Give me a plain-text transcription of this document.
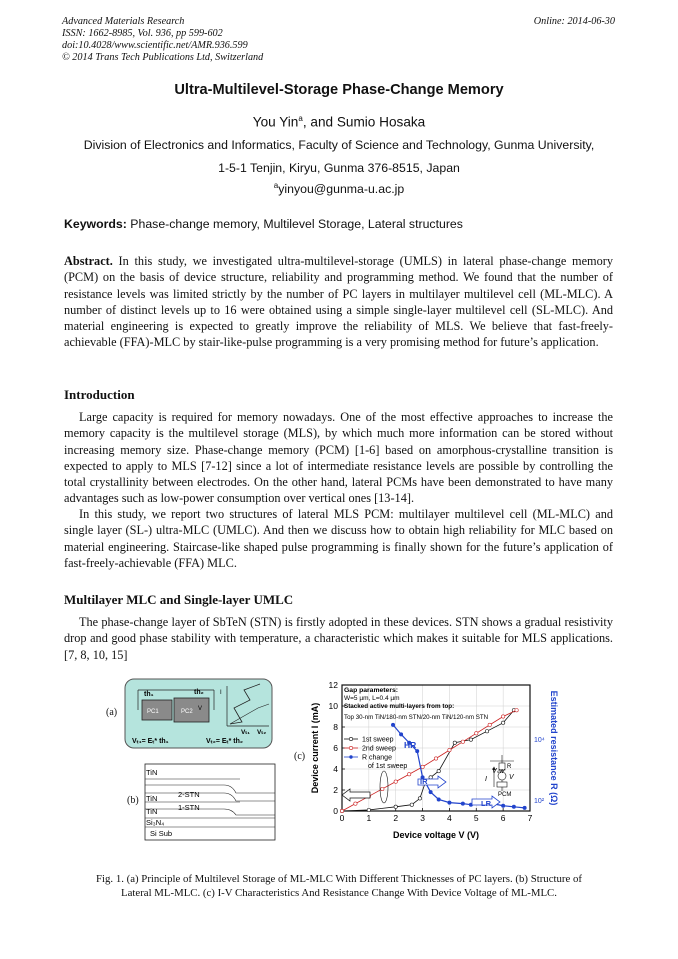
Advanced Materials Research
ISSN: 1662-8985, Vol. 936, pp 599-602
doi:10.4028/www.scientific.net/AMR.936.599
© 2014 Trans Tech Publications Ltd, Switzerland
Online: 2014-06-30
Ultra-Multilevel-Storage Phase-Change Memory
You Yin$^a$, and Sumio Hosaka
Division of Electronics and Informatics, Faculty of Science and Technology, Gunma University,
1-5-1 Tenjin, Kiryu, Gunma 376-8515, Japan
$^a$yinyou@gunma-u.ac.jp
Keywords: Phase-change memory, Multilevel Storage, Lateral structures
Abstract. In this study, we investigated ultra-multilevel-storage (UMLS) in lateral phase-change memory (PCM) on the basis of device structure, reliability and programming method. We found that the number of resistance levels was limited strictly by the number of PC layers in multilayer multilevel cell (ML-MLC). A number of distinct levels up to 16 were obtained using a simple single-layer multilevel cell (SL-MLC). And material engineering is expected to greatly improve the reliability of MLS. We believe that fast-freely-achievable (FFA)-MLC by stair-like-pulse programming is a very promising method for future’s application.
Introduction
Large capacity is required for memory nowadays. One of the most effective approaches to increase the memory capacity is the multilevel storage (MLS), by which much more information can be stored without increasing memory size. Phase-change memory (PCM) [1-6] based on amorphous-crystalline transition is expected to apply to MLS [7-12] since a lot of intermediate resistance levels are possible by controlling the total crystallinity between electrodes. On the other hand, lateral PCMs have been demonstrated to have many advantages such as low-power consumption over vertical ones [13-14].
In this study, we report two structures of lateral MLS PCM: multilayer multilevel cell (ML-MLC) and single layer (SL-) ultra-MLC (UMLC). And then we discuss how to obtain high reliability for MLC based on material engineering. Staircase-like shaped pulse programming is finally shown for the future’s application of fast-freely-achievable (FFA) MLC.
Multilayer MLC and Single-layer UMLC
The phase-change layer of SbTeN (STN) is firstly adopted in these devices. STN shows a gradual resistivity drop and good phase stability with temperature, a characteristic which makes it suitable for MLS applications. [7, 8, 10, 15]
(a)	PC1	PC2
th₁	th₂
V
I
Vₜ₁ Vₜ₂
Vₜ₁= Eₜ* th₁	Vₜ₂= Eₜ* th₂
(b)
TiN
TiN	2-STN
TiN	1-STN
Si₃N₄
Si Sub
(c)
0	1	2	3	4	5	6	7
0
2
4
6
8
10
12
Gap parameters:
W=5 µm, L=0.4 µm
Stacked active multi-layers from top:
Top 30-nm TiN/180-nm STN/20-nm TiN/120-nm STN
1st sweep
2nd sweep
R change
of 1st sweep
HR
IR
LR
Vₛᴡ
R
V
I
PCM
Device voltage V (V)
Device current I (mA)	Estimated resistance R (Ω)
10⁴
10²
Fig. 1. (a) Principle of Multilevel Storage of ML-MLC With Different Thicknesses of PC layers. (b) Structure of
Lateral ML-MLC. (c) I-V Characteristics And Resistance Change With Device Voltage of ML-MLC.
